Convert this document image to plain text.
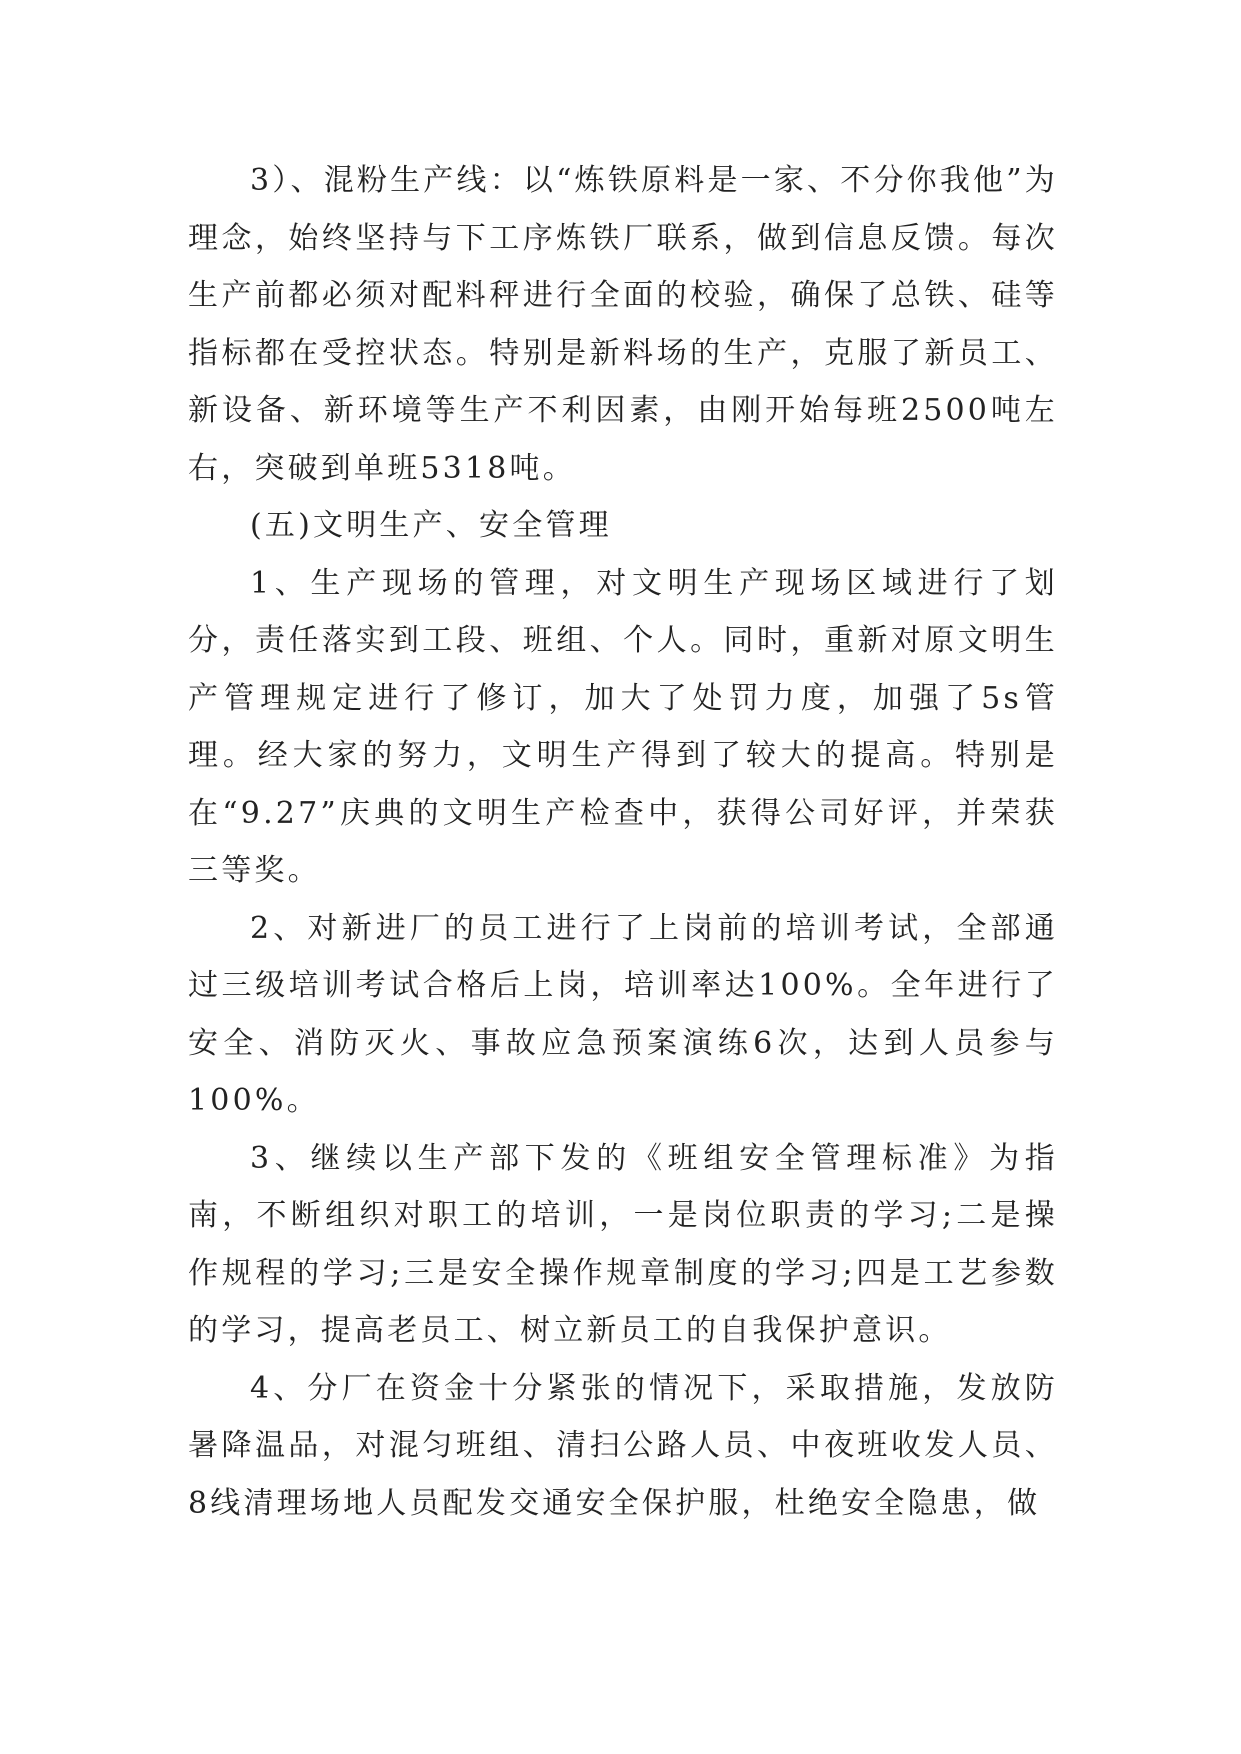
3）、混粉生产线：以“炼铁原料是一家、不分你我他”为理念，始终坚持与下工序炼铁厂联系，做到信息反馈。每次生产前都必须对配料秤进行全面的校验，确保了总铁、硅等指标都在受控状态。特别是新料场的生产，克服了新员工、新设备、新环境等生产不利因素，由刚开始每班2500吨左右，突破到单班5318吨。

(五)文明生产、安全管理

1、生产现场的管理，对文明生产现场区域进行了划分，责任落实到工段、班组、个人。同时，重新对原文明生产管理规定进行了修订，加大了处罚力度，加强了5s管理。经大家的努力，文明生产得到了较大的提高。特别是在“9.27”庆典的文明生产检查中，获得公司好评，并荣获三等奖。

2、对新进厂的员工进行了上岗前的培训考试，全部通过三级培训考试合格后上岗，培训率达100%。全年进行了安全、消防灭火、事故应急预案演练6次，达到人员参与100%。

3、继续以生产部下发的《班组安全管理标准》为指南，不断组织对职工的培训，一是岗位职责的学习;二是操作规程的学习;三是安全操作规章制度的学习;四是工艺参数的学习，提高老员工、树立新员工的自我保护意识。

4、分厂在资金十分紧张的情况下，采取措施，发放防暑降温品，对混匀班组、清扫公路人员、中夜班收发人员、8线清理场地人员配发交通安全保护服，杜绝安全隐患，做
